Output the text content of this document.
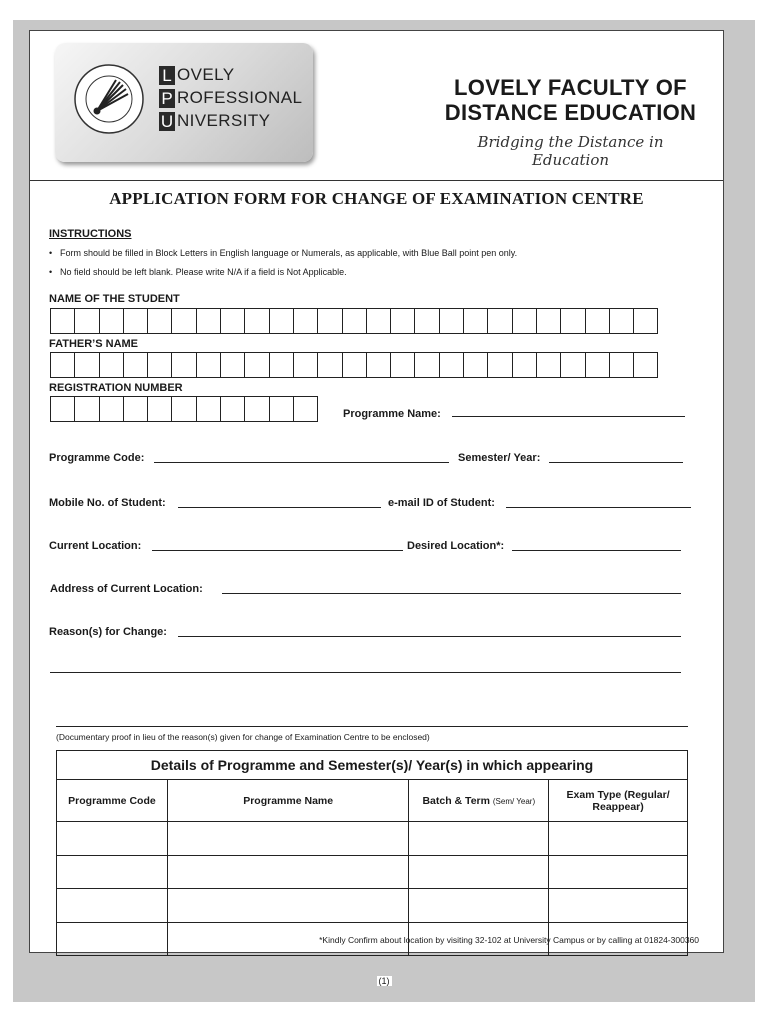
L OVELY
P ROFESSIONAL
U NIVERSITY
LOVELY FACULTY OF
DISTANCE EDUCATION
Bridging the Distance in Education
APPLICATION FORM FOR CHANGE OF EXAMINATION CENTRE
INSTRUCTIONS
• Form should be filled in Block Letters in English language or Numerals, as applicable, with Blue Ball point pen only.
• No field should be left blank. Please write N/A if a field is Not Applicable.
NAME OF THE STUDENT
FATHER’S NAME
REGISTRATION NUMBER
Programme Name:
Programme Code:	Semester/ Year:
Mobile No. of Student:	e-mail ID of Student:
Current Location:	Desired Location*:
Address of Current Location:
Reason(s) for Change:
(Documentary proof in lieu of the reason(s) given for change of Examination Centre to be enclosed)
Details of Programme and Semester(s)/ Year(s) in which appearing			
Programme Code	Programme Name	Batch & Term (Sem/ Year)	Exam Type (Regular/
Reappear)

*Kindly Confirm about location by visiting 32-102 at University Campus or by calling at 01824-300360
(1)
